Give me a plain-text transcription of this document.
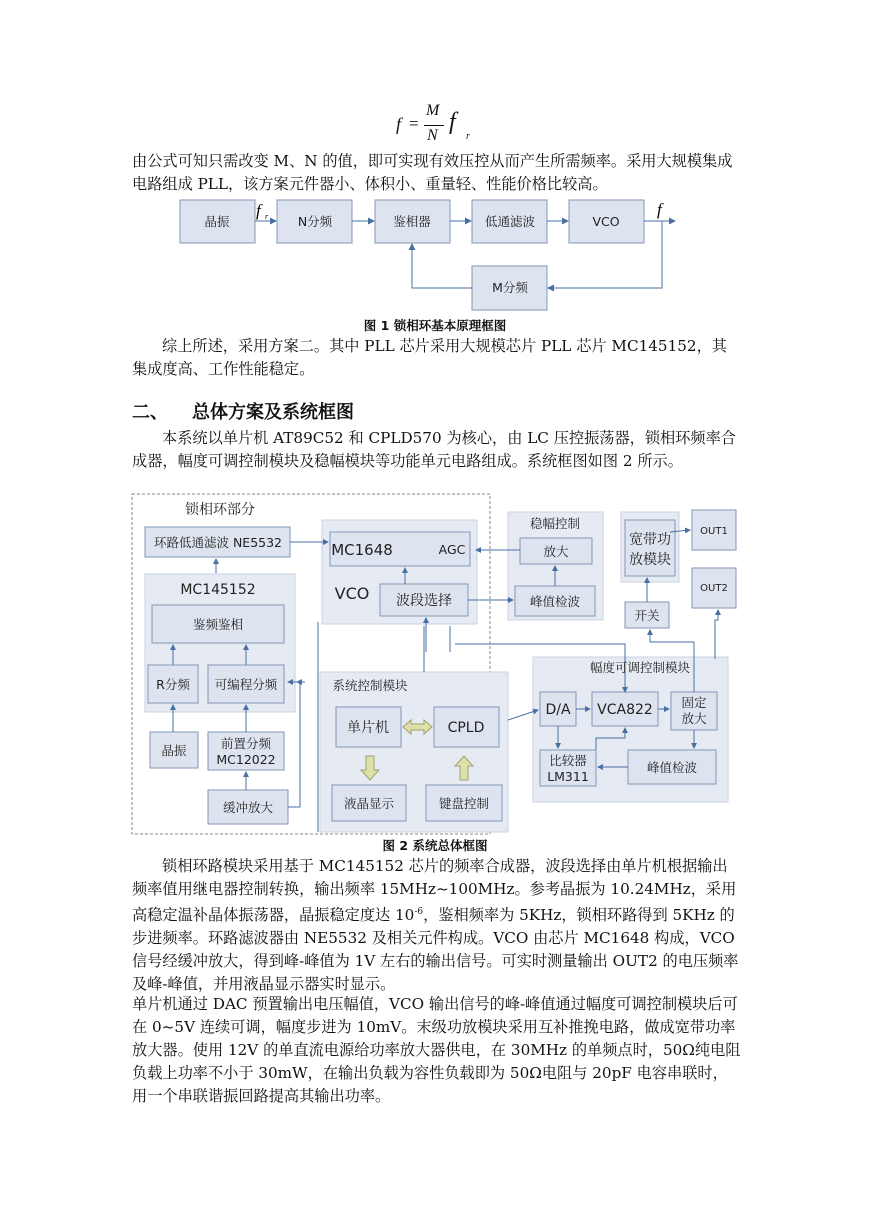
f =
M
N
f
r

由公式可知只需改变 M、N 的值，即可实现有效压控从而产生所需频率。采用大规模集成电路组成 PLL，该方案元件器小、体积小、重量轻、性能价格比较高。

晶振	N分频	鉴相器	低通滤波	VCO
M分频
f r	f
图 1 锁相环基本原理框图

综上所述，采用方案二。其中 PLL 芯片采用大规模芯片 PLL 芯片 MC145152，其集成度高、工作性能稳定。

二、 总体方案及系统框图

本系统以单片机 AT89C52 和 CPLD570 为核心，由 LC 压控振荡器，锁相环频率合成器，幅度可调控制模块及稳幅模块等功能单元电路组成。系统框图如图 2 所示。

锁相环部分
环路低通滤波 NE5532
MC145152
鉴频鉴相
R分频 可编程分频
晶振	前置分频
MC12022
缓冲放大
MC1648	AGC
VCO 波段选择
稳幅控制
放大
峰值检波
宽带功
放模块
OUT1
OUT2
开关
系统控制模块
单片机	CPLD
液晶显示	键盘控制
幅度可调控制模块
D/A VCA822 固定
放大
比较器
LM311
峰值检波
图 2 系统总体框图

锁相环路模块采用基于 MC145152 芯片的频率合成器，波段选择由单片机根据输出频率值用继电器控制转换，输出频率 15MHz~100MHz。参考晶振为 10.24MHz，采用高稳定温补晶体振荡器，晶振稳定度达 $10^{-6}$，鉴相频率为 5KHz，锁相环路得到 5KHz 的步进频率。环路滤波器由 NE5532 及相关元件构成。VCO 由芯片 MC1648 构成，VCO 信号经缓冲放大，得到峰-峰值为 1V 左右的输出信号。可实时测量输出 OUT2 的电压频率及峰-峰值，并用液晶显示器实时显示。

单片机通过 DAC 预置输出电压幅值，VCO 输出信号的峰-峰值通过幅度可调控制模块后可在 0~5V 连续可调，幅度步进为 10mV。末级功放模块采用互补推挽电路，做成宽带功率放大器。使用 12V 的单直流电源给功率放大器供电，在 30MHz 的单频点时，50Ω纯电阻负载上功率不小于 30mW，在输出负载为容性负载即为 50Ω电阻与 20pF 电容串联时，用一个串联谐振回路提高其输出功率。
